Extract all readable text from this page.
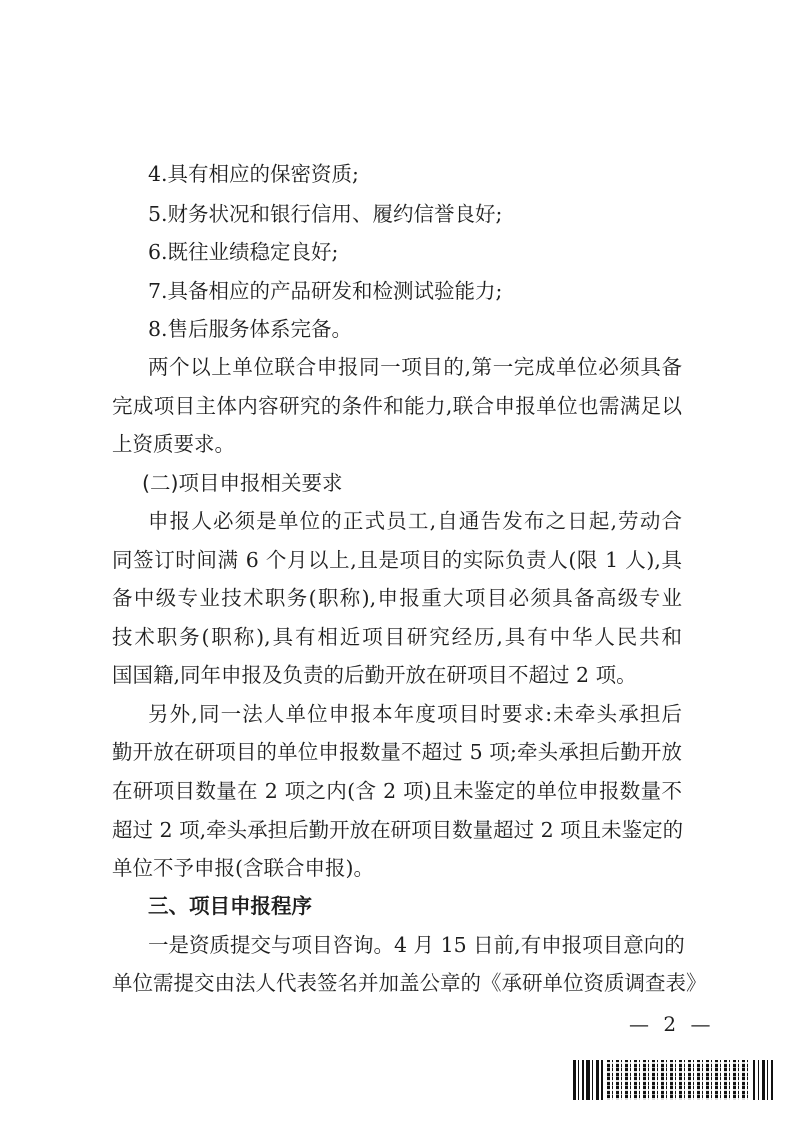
4.具有相应的保密资质;
5.财务状况和银行信用、履约信誉良好;
6.既往业绩稳定良好;
7.具备相应的产品研发和检测试验能力;
8.售后服务体系完备。
两个以上单位联合申报同一项目的,第一完成单位必须具备
完成项目主体内容研究的条件和能力,联合申报单位也需满足以
上资质要求。
(二)项目申报相关要求
申报人必须是单位的正式员工,自通告发布之日起,劳动合
同签订时间满 6 个月以上,且是项目的实际负责人(限 1 人),具
备中级专业技术职务(职称),申报重大项目必须具备高级专业
技术职务(职称),具有相近项目研究经历,具有中华人民共和
国国籍,同年申报及负责的后勤开放在研项目不超过 2 项。
另外,同一法人单位申报本年度项目时要求:未牵头承担后
勤开放在研项目的单位申报数量不超过 5 项;牵头承担后勤开放
在研项目数量在 2 项之内(含 2 项)且未鉴定的单位申报数量不
超过 2 项,牵头承担后勤开放在研项目数量超过 2 项且未鉴定的
单位不予申报(含联合申报)。
三、项目申报程序
一是资质提交与项目咨询。4 月 15 日前,有申报项目意向的
单位需提交由法人代表签名并加盖公章的《承研单位资质调查表》
— 2 —
